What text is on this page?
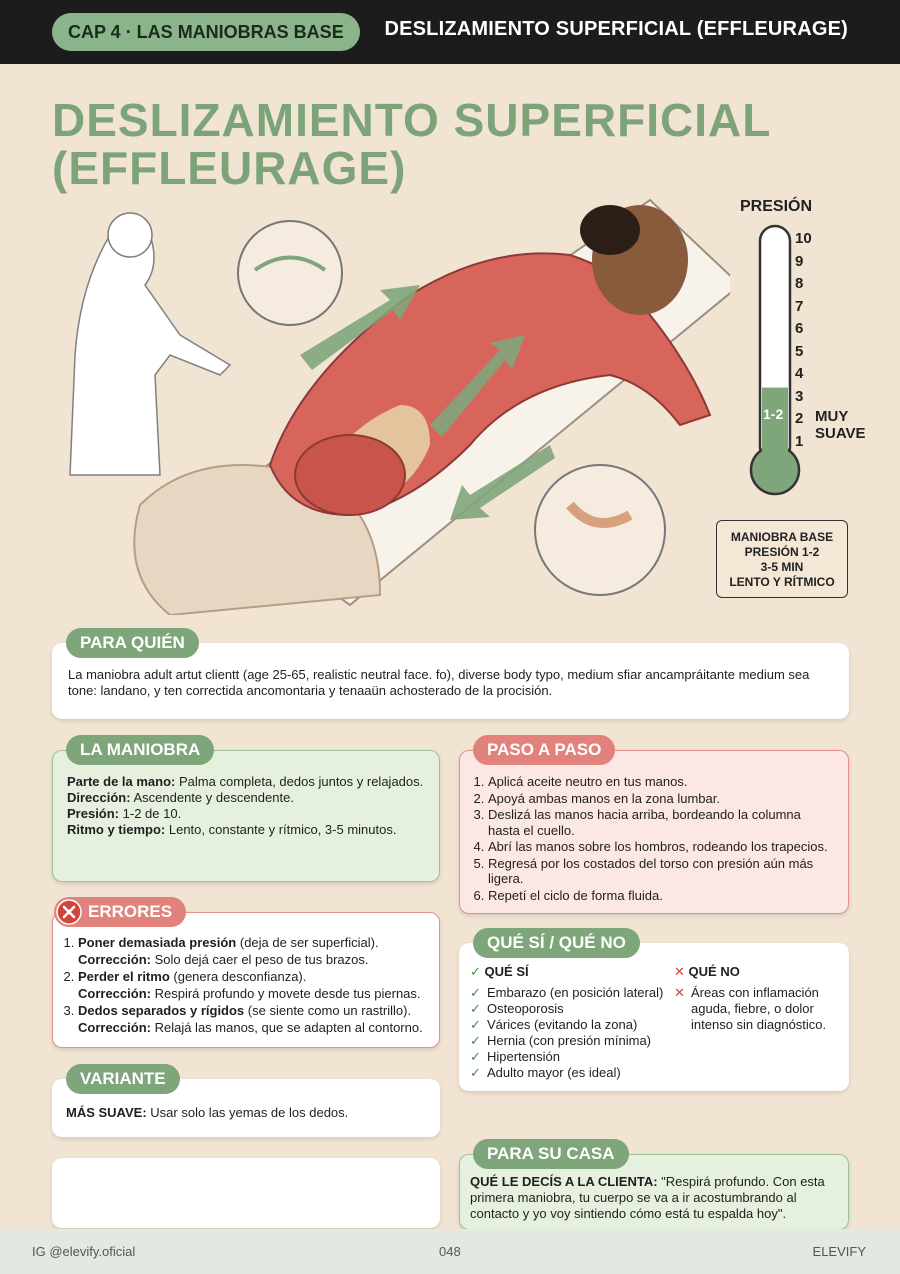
CAP 4 · LAS MANIOBRAS BASE	DESLIZAMIENTO SUPERFICIAL (EFFLEURAGE)
DESLIZAMIENTO SUPERFICIAL (EFFLEURAGE)
PRESIÓN
10
9
8
7
6
5
4
3
2
1
1-2 MUY
SUAVE
MANIOBRA BASE
PRESIÓN 1-2
3-5 MIN
LENTO Y RÍTMICO
PARA QUIÉN
La maniobra adult artut clientt (age 25-65, realistic neutral face. fo), diverse body typo, medium sfiar ancampráitante medium sea tone: landano, y ten correctida ancomontaria y tenaaün achosterado de la procisión.
LA MANIOBRA
Parte de la mano: Palma completa, dedos juntos y relajados.
Dirección: Ascendente y descendente.
Presión: 1-2 de 10.
Ritmo y tiempo: Lento, constante y rítmico, 3-5 minutos.
PASO A PASO
1. Aplicá aceite neutro en tus manos.
2. Apoyá ambas manos en la zona lumbar.
3. Deslizá las manos hacia arriba, bordeando la columna hasta el cuello.
4. Abrí las manos sobre los hombros, rodeando los trapecios.
5. Regresá por los costados del torso con presión aún más ligera.
6. Repetí el ciclo de forma fluida.
ERRORES
1. Poner demasiada presión (deja de ser superficial).
Corrección: Solo dejá caer el peso de tus brazos.
2. Perder el ritmo (genera desconfianza).
Corrección: Respirá profundo y movete desde tus piernas.
3. Dedos separados y rígidos (se siente como un rastrillo).
Corrección: Relajá las manos, que se adapten al contorno.
QUÉ SÍ / QUÉ NO
✓ QUÉ SÍ
✓ Embarazo (en posición lateral)
✓ Osteoporosis
✓ Várices (evitando la zona)
✓ Hernia (con presión mínima)
✓ Hipertensión
✓ Adulto mayor (es ideal)
✕ QUÉ NO
✕ Áreas con inflamación aguda, fiebre, o dolor intenso sin diagnóstico.
VARIANTE
MÁS SUAVE: Usar solo las yemas de los dedos.
PARA SU CASA
QUÉ LE DECÍS A LA CLIENTA: "Respirá profundo. Con esta primera maniobra, tu cuerpo se va a ir acostumbrando al contacto y yo voy sintiendo cómo está tu espalda hoy".
IG @elevify.oficial	048	ELEVIFY
